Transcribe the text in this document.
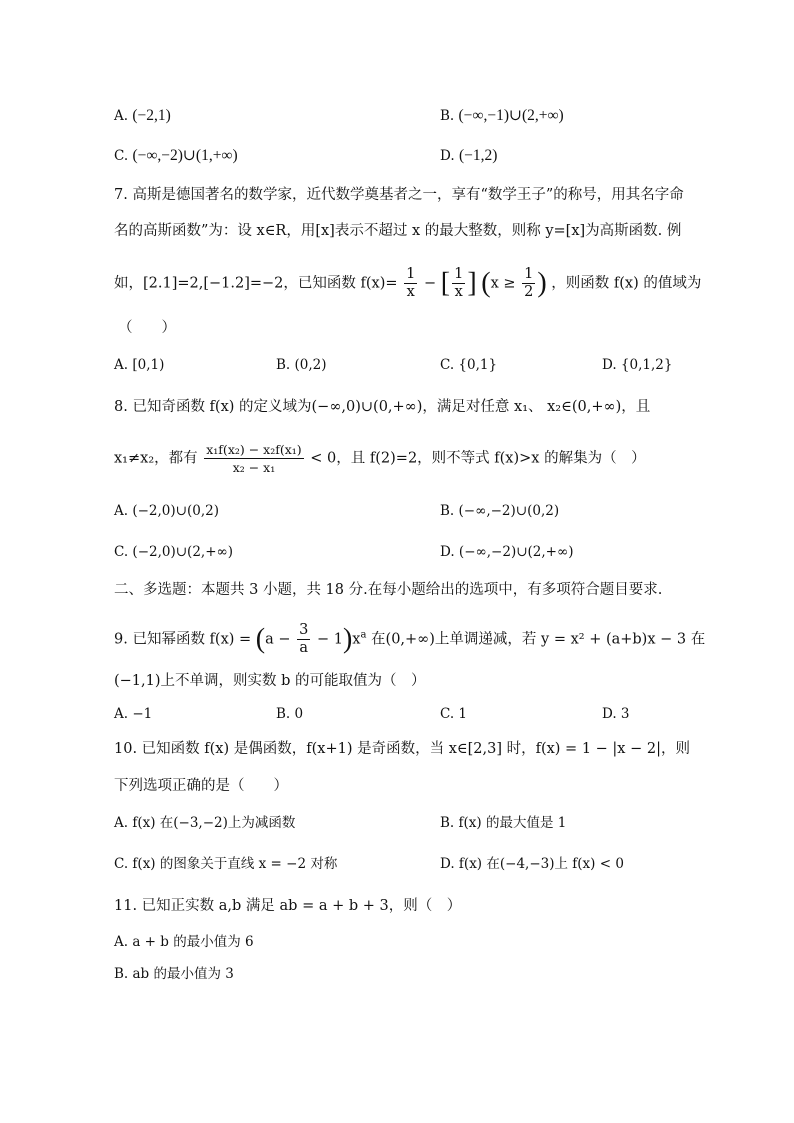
A. (−2,1)	B. (−∞,−1)∪(2,+∞)
C. (−∞,−2)∪(1,+∞)	D. (−1,2)
7. 高斯是德国著名的数学家，近代数学奠基者之一，享有“数学王子”的称号，用其名字命
名的高斯函数”为：设 x∈R，用[x]表示不超过 x 的最大整数，则称 y=[x]为高斯函数. 例
如，[2.1]=2,[−1.2]=−2，已知函数 $f(x)= \frac{1}{x}$ − [ $\frac{1}{x}$ ] ($x \ge \frac{1}{2}$ ) ，则函数 f(x) 的值域为
（　　）
A. [0,1)	B. (0,2)	C. {0,1}	D. {0,1,2}
8. 已知奇函数 f(x) 的定义域为(−∞,0)∪(0,+∞)，满足对任意 x₁、 x₂∈(0,+∞)，且
x₁≠x₂，都有 $\frac{\text{x₁f(x₂) − x₂f(x₁)}}{\text{x₂ − x₁}} < 0$，且 f(2)=2，则不等式 f(x)>x 的解集为（　）
A. (−2,0)∪(0,2)	B. (−∞,−2)∪(0,2)
C. (−2,0)∪(2,+∞)	D. (−∞,−2)∪(2,+∞)
二、多选题：本题共 3 小题，共 18 分.在每小题给出的选项中，有多项符合题目要求.
9. 已知幂函数 $f(x) = (a - \frac{3}{a} - 1)x^a$ 在(0,+∞)上单调递减，若 y = x² + (a+b)x − 3 在
(−1,1)上不单调，则实数 b 的可能取值为（　）
A. −1	B. 0	C. 1	D. 3
10. 已知函数 f(x) 是偶函数，f(x+1) 是奇函数，当 x∈[2,3] 时，f(x) = 1 − |x − 2|，则
下列选项正确的是（　　）
A. f(x) 在(−3,−2)上为减函数	B. f(x) 的最大值是 1
C. f(x) 的图象关于直线 x = −2 对称	D. f(x) 在(−4,−3)上 f(x) < 0
11. 已知正实数 a,b 满足 ab = a + b + 3，则（　）
A. a + b 的最小值为 6
B. ab 的最小值为 3
